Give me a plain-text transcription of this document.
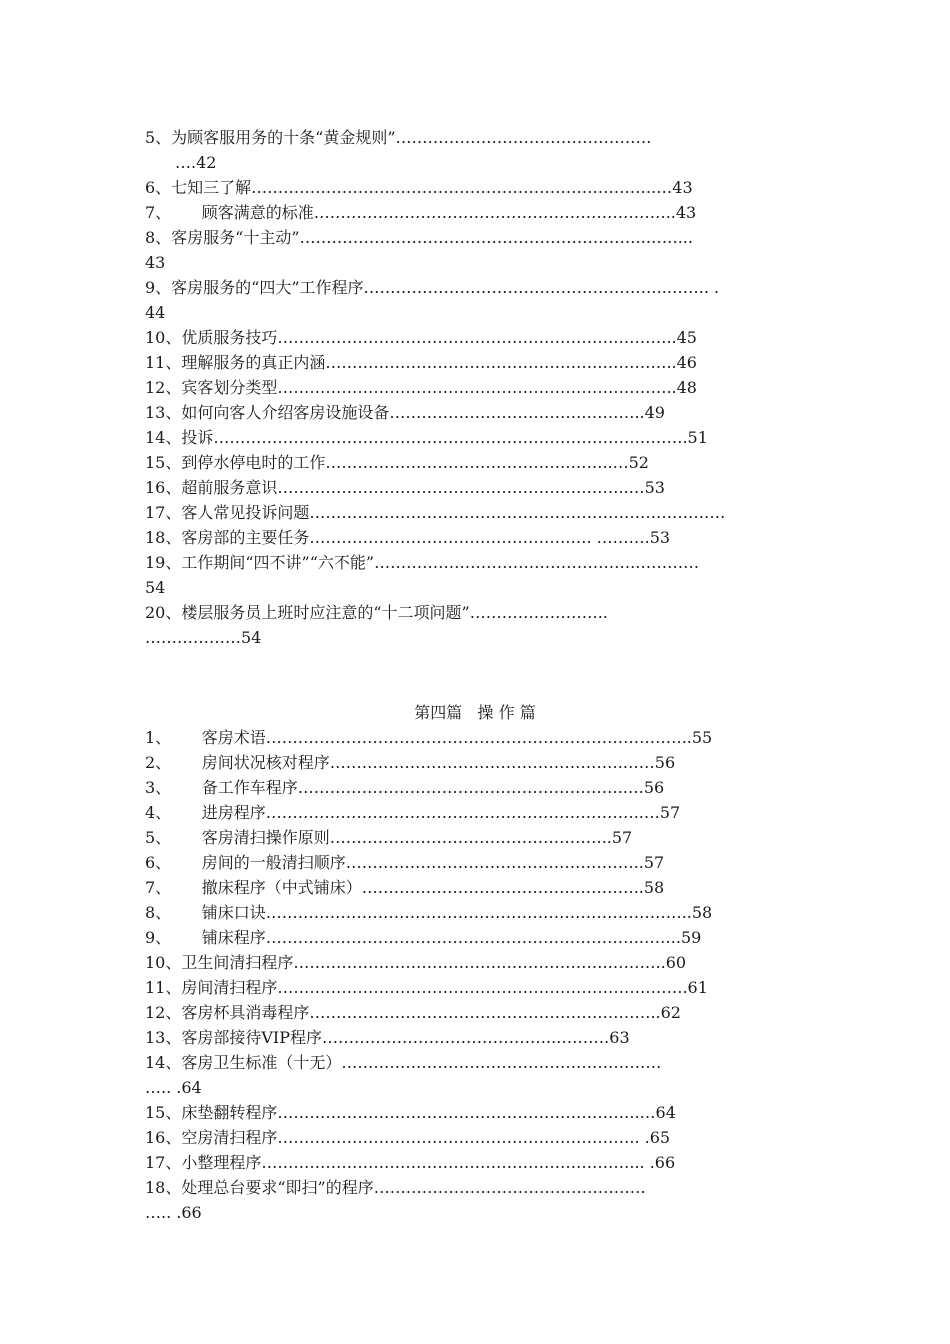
5、为顾客服用务的十条“黄金规则”…………………………………………
….42
6、七知三了解………………………………………………………………….…43
7、      顾客满意的标准…………………………………………………………..43
8、客房服务“十主动”………………………………………………………..……...
43
9、客房服务的“四大”工作程序…………………………….…………………..…….. .
44
10、优质服务技巧……………………………………………………….………..45
11、理解服务的真正内涵…………………………………………….…………..46
12、宾客划分类型……………………………………………………….………..48
13、如何向客人介绍客房设施设备……………………………….………..49
14、投诉…………………………………………………………………….……….51
15、到停水停电时的工作……………………………………….……..…52
16、超前服务意识………………………………………………….……..…53
17、客人常见投诉问题……………………………………………………………………
18、客房部的主要任务………………………………………….…. ……….53
19、工作期间“四不讲”“六不能”………………………………………….…………
54
20、楼层服务员上班时应注意的“十二项问题”……………………..
………………54
第四篇   操 作 篇
1、      客房术语……………………………………………………………………..55
2、      房间状况核对程序……………………………………………….……56
3、      备工作车程序……………………………………………………..…56
4、      进房程序……………………………………………………………..…57
5、      客房清扫操作原则……………………………………………..57
6、      房间的一般清扫顺序………………………………………………..57
7、      撤床程序（中式铺床）……………………………………………..58
8、      铺床口诀……………………………………………………………………..58
9、      铺床程序…………………………………………………………….……..59
10、卫生间清扫程序………………………………….……………….………..60
11、房间清扫程序…………………………………………………………….…….61
12、客房杯具消毒程序……………………………………………….………..62
13、客房部接待VIP程序……………………………………..……….63
14、客房卫生标准（十无）……………………………………………………
….. .64
15、床垫翻转程序…………………………………………………………..…64
16、空房清扫程序………………………………………………………….. .65
17、小整理程序……………………………………………………………... .66
18、处理总台要求“即扫”的程序……………………………………………
….. .66
